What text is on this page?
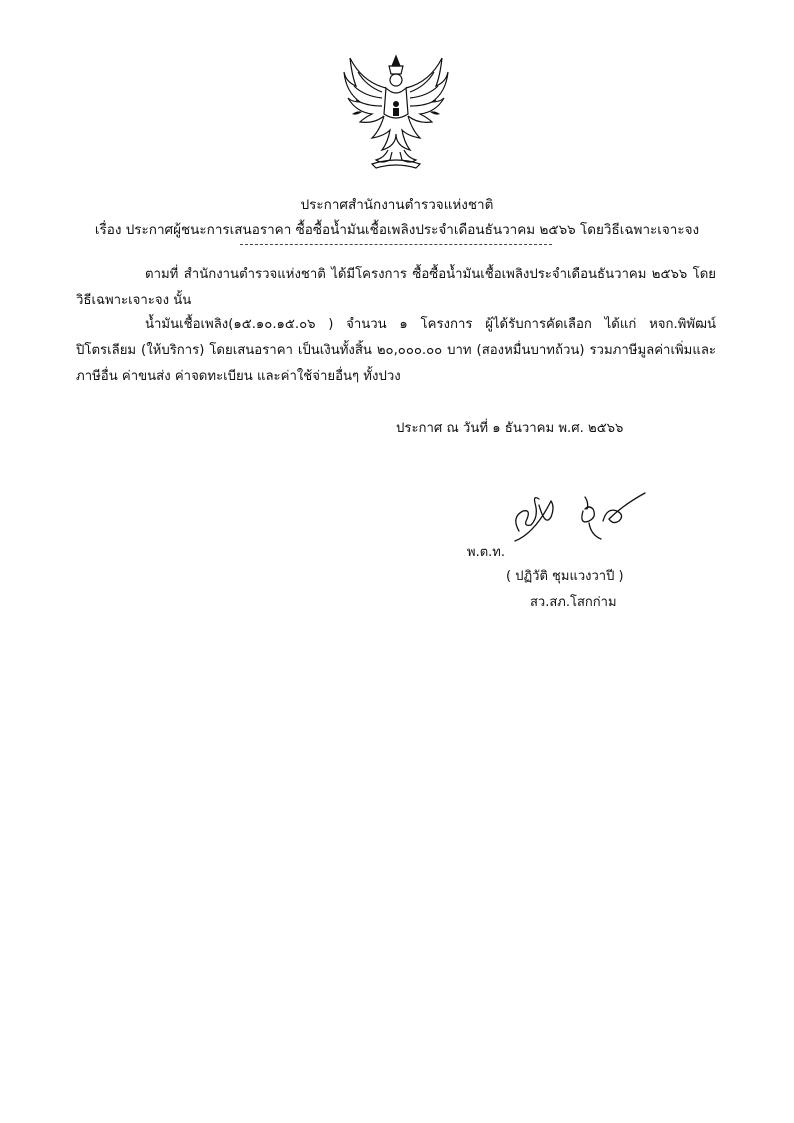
ประกาศสำนักงานตำรวจแห่งชาติ
เรื่อง ประกาศผู้ชนะการเสนอราคา ซื้อซื้อน้ำมันเชื้อเพลิงประจำเดือนธันวาคม ๒๕๖๖ โดยวิธีเฉพาะเจาะจง
ตามที่ สำนักงานตำรวจแห่งชาติ ได้มีโครงการ ซื้อซื้อน้ำมันเชื้อเพลิงประจำเดือนธันวาคม ๒๕๖๖ โดยวิธีเฉพาะเจาะจง นั้น
น้ำมันเชื้อเพลิง(๑๕.๑๐.๑๕.๐๖ ) จำนวน ๑ โครงการ ผู้ได้รับการคัดเลือก ได้แก่ หจก.พิพัฒน์ปิโตรเลียม (ให้บริการ) โดยเสนอราคา เป็นเงินทั้งสิ้น ๒๐,๐๐๐.๐๐ บาท (สองหมื่นบาทถ้วน) รวมภาษีมูลค่าเพิ่มและภาษีอื่น ค่าขนส่ง ค่าจดทะเบียน และค่าใช้จ่ายอื่นๆ ทั้งปวง
ประกาศ ณ วันที่ ๑ ธันวาคม พ.ศ. ๒๕๖๖
พ.ต.ท.
( ปฏิวัติ ชุมแวงวาปี )
สว.สภ.โสกก่าม
